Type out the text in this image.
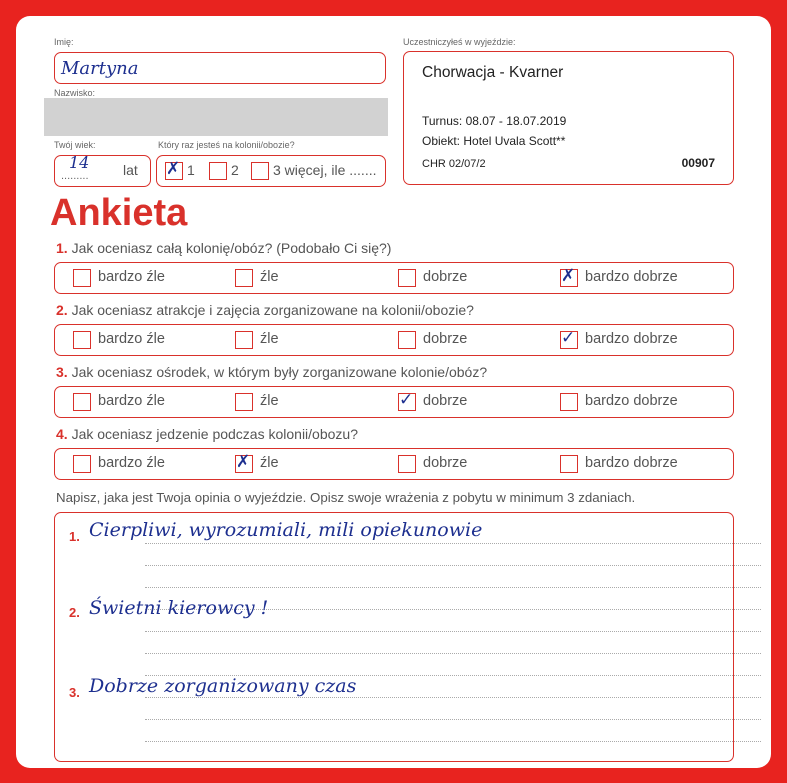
Imię:
Martyna
Nazwisko:
Twój wiek:
.........
14 lat
Który raz jesteś na kolonii/obozie?
✗ 1	2 3 więcej, ile .......
Uczestniczyłeś w wyjeździe:
Chorwacja - Kvarner
Turnus: 08.07 - 18.07.2019
Obiekt: Hotel Uvala Scott**
CHR 02/07/2	00907
Ankieta
1. Jak oceniasz całą kolonię/obóz? (Podobało Ci się?)
bardzo źle	źle	dobrze	✗ bardzo dobrze
2. Jak oceniasz atrakcje i zajęcia zorganizowane na kolonii/obozie?
bardzo źle	źle	dobrze	✓ bardzo dobrze
3. Jak oceniasz ośrodek, w którym były zorganizowane kolonie/obóz?
bardzo źle	źle	✓ dobrze	bardzo dobrze
4. Jak oceniasz jedzenie podczas kolonii/obozu?
bardzo źle	✗ źle	dobrze	bardzo dobrze
Napisz, jaka jest Twoja opinia o wyjeździe. Opisz swoje wrażenia z pobytu w minimum 3 zdaniach.
1. Cierpliwi, wyrozumiali, mili opiekunowie
2. Świetni kierowcy !
3. Dobrze zorganizowany czas
